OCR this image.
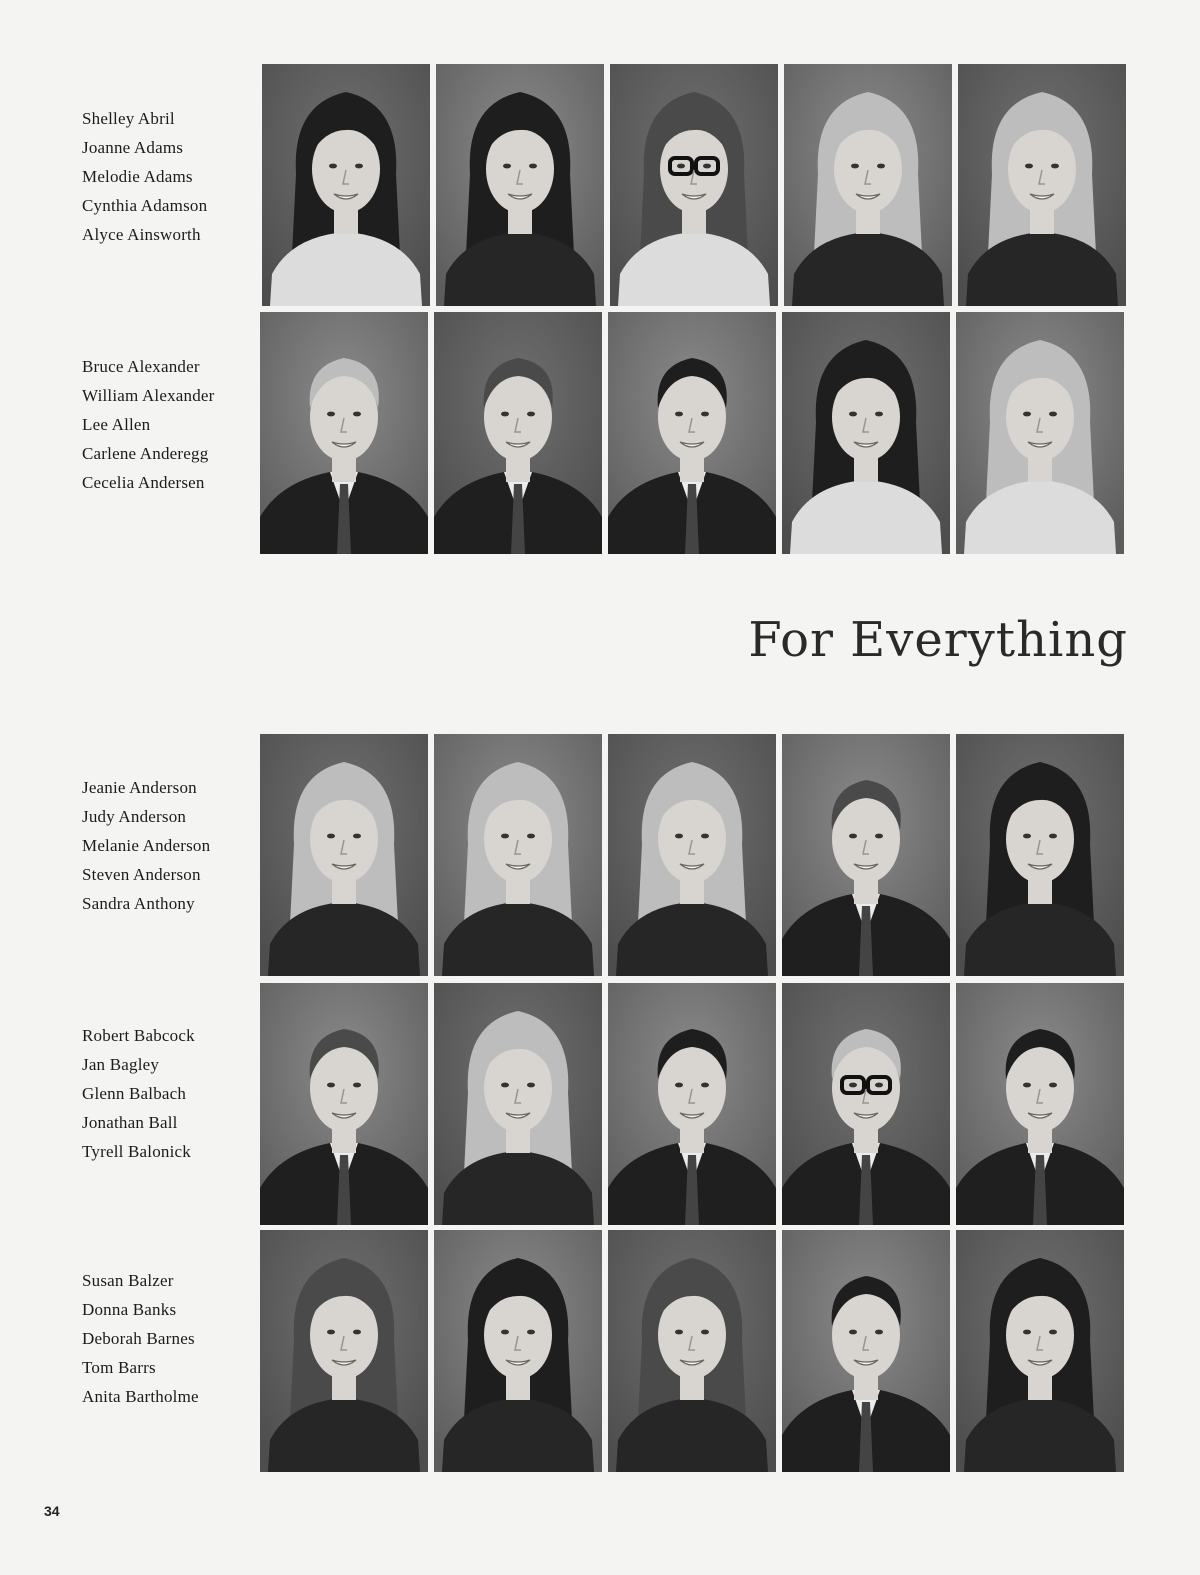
Shelley Abril
Joanne Adams
Melodie Adams
Cynthia Adamson
Alyce Ainsworth
Bruce Alexander
William Alexander
Lee Allen
Carlene Anderegg
Cecelia Andersen
For Everything
Jeanie Anderson
Judy Anderson
Melanie Anderson
Steven Anderson
Sandra Anthony
Robert Babcock
Jan Bagley
Glenn Balbach
Jonathan Ball
Tyrell Balonick
Susan Balzer
Donna Banks
Deborah Barnes
Tom Barrs
Anita Bartholme
34
